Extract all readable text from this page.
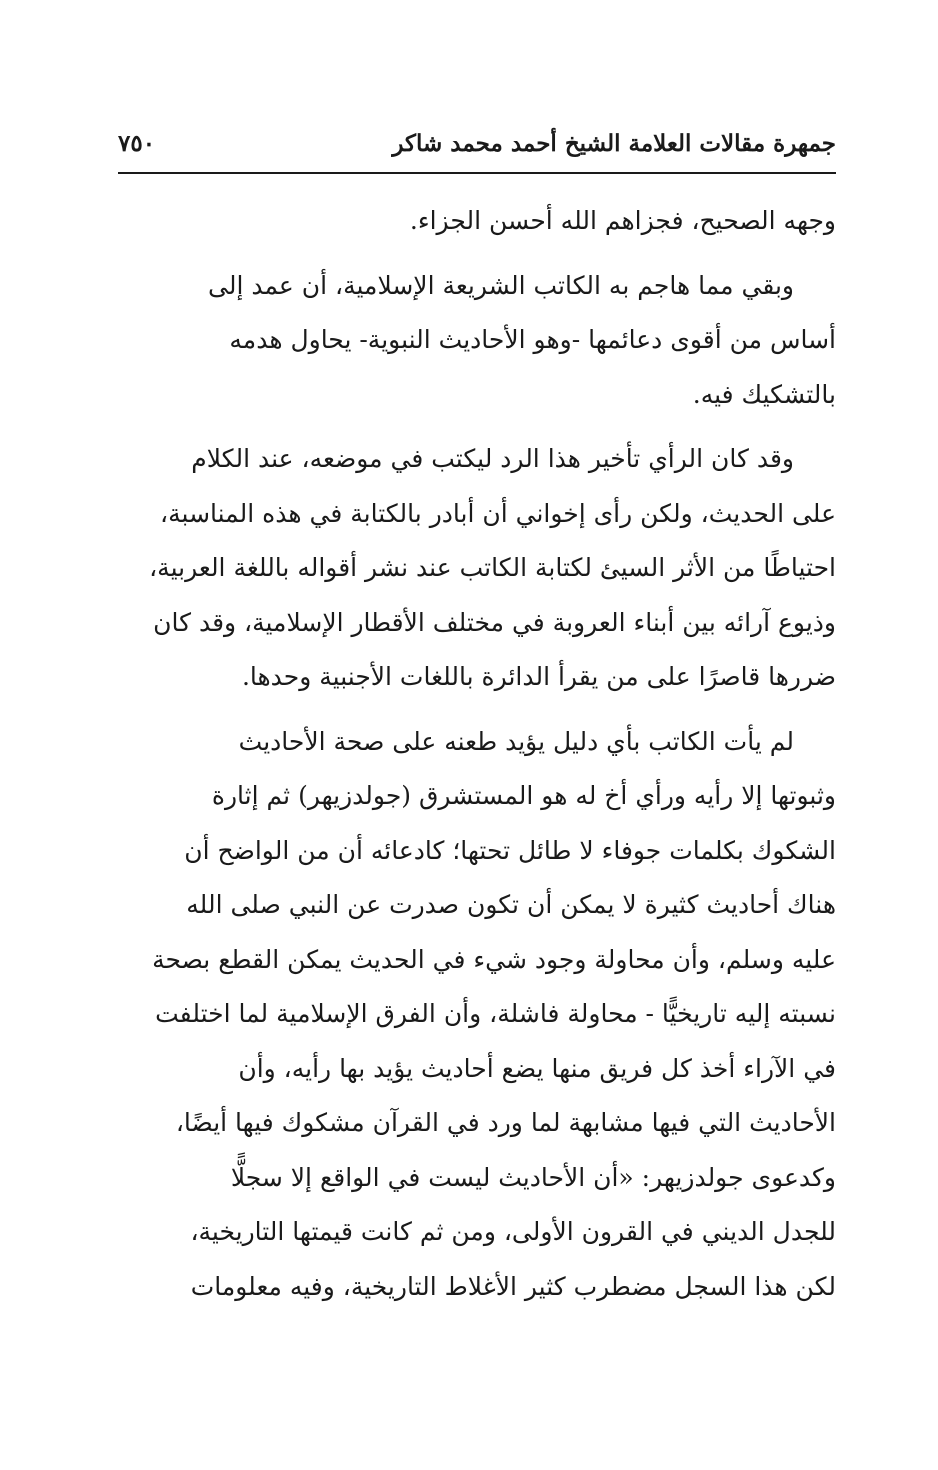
جمهرة مقالات العلامة الشيخ أحمد محمد شاكر
٧٥٠
وجهه الصحيح، فجزاهم الله أحسن الجزاء.
وبقي مما هاجم به الكاتب الشريعة الإسلامية، أن عمد إلى
أساس من أقوى دعائمها -وهو الأحاديث النبوية- يحاول هدمه
بالتشكيك فيه.
وقد كان الرأي تأخير هذا الرد ليكتب في موضعه، عند الكلام
على الحديث، ولكن رأى إخواني أن أبادر بالكتابة في هذه المناسبة،
احتياطًا من الأثر السيئ لكتابة الكاتب عند نشر أقواله باللغة العربية،
وذيوع آرائه بين أبناء العروبة في مختلف الأقطار الإسلامية، وقد كان
ضررها قاصرًا على من يقرأ الدائرة باللغات الأجنبية وحدها.
لم يأت الكاتب بأي دليل يؤيد طعنه على صحة الأحاديث
وثبوتها إلا رأيه ورأي أخ له هو المستشرق (جولدزيهر) ثم إثارة
الشكوك بكلمات جوفاء لا طائل تحتها؛ كادعائه أن من الواضح أن
هناك أحاديث كثيرة لا يمكن أن تكون صدرت عن النبي صلى الله
عليه وسلم، وأن محاولة وجود شيء في الحديث يمكن القطع بصحة
نسبته إليه تاريخيًّا - محاولة فاشلة، وأن الفرق الإسلامية لما اختلفت
في الآراء أخذ كل فريق منها يضع أحاديث يؤيد بها رأيه، وأن
الأحاديث التي فيها مشابهة لما ورد في القرآن مشكوك فيها أيضًا،
وكدعوى جولدزيهر: «أن الأحاديث ليست في الواقع إلا سجلًّا
للجدل الديني في القرون الأولى، ومن ثم كانت قيمتها التاريخية،
لكن هذا السجل مضطرب كثير الأغلاط التاريخية، وفيه معلومات
